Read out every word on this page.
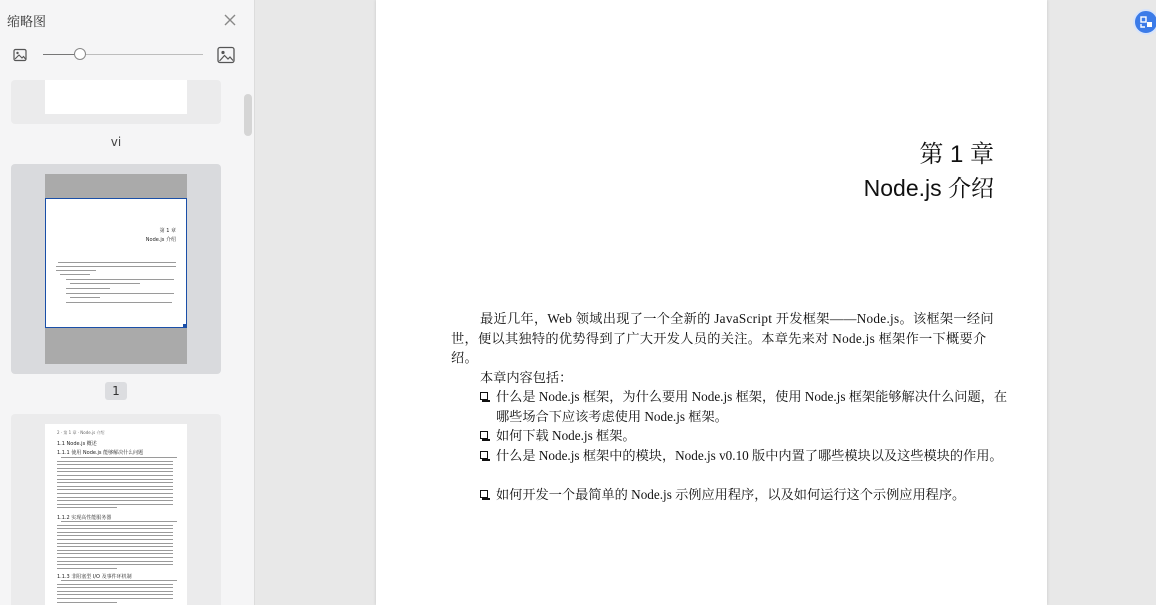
缩略图
vi
第 1 章
Node.js 介绍
1
2 · 第 1 章 · Node.js 介绍
1.1 Node.js 概述
1.1.1 使用 Node.js 能够解决什么问题
1.1.2 实现高性能服务器
1.1.3 非阻塞型 I/O 及事件环机制
第 1 章
Node.js 介绍
最近几年，Web 领域出现了一个全新的 JavaScript 开发框架——Node.js。该框架一经问世，便以其独特的优势得到了广大开发人员的关注。本章先来对 Node.js 框架作一下概要介绍。
本章内容包括：
什么是 Node.js 框架，为什么要用 Node.js 框架，使用 Node.js 框架能够解决什么问题，在哪些场合下应该考虑使用 Node.js 框架。
如何下载 Node.js 框架。
什么是 Node.js 框架中的模块，Node.js v0.10 版中内置了哪些模块以及这些模块的作用。
如何开发一个最简单的 Node.js 示例应用程序，以及如何运行这个示例应用程序。
